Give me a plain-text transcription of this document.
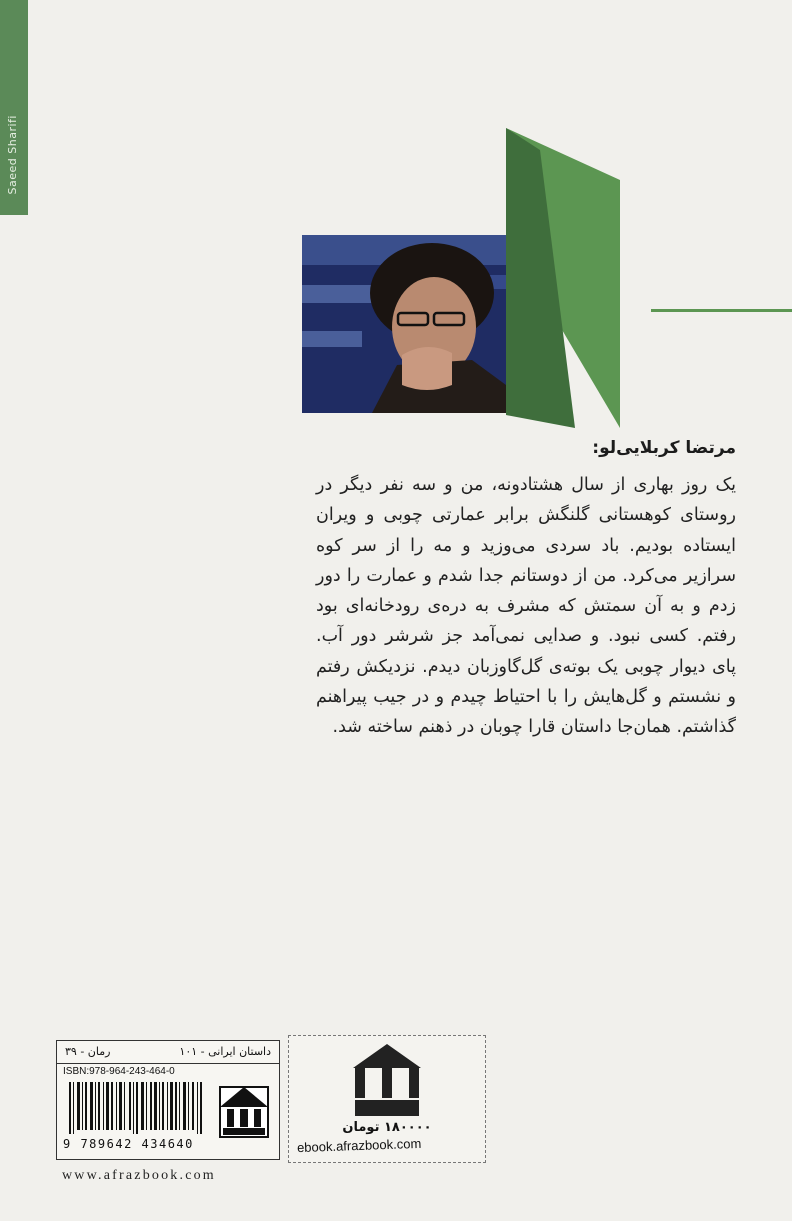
Saeed Sharifi
مرتضا کربلایی‌لو:
یک روز بهاری از سال هشتادونه، من و سه نفر دیگر در روستای کوهستانی گلنگش برابر عمارتی چوبی و ویران ایستاده بودیم. باد سردی می‌وزید و مه را از سر کوه سرازیر می‌کرد. من از دوستانم جدا شدم و عمارت را دور زدم و به آن سمتش که مشرف به دره‌ی رودخانه‌ای بود رفتم. کسی نبود. و صدایی نمی‌آمد جز شرشر دور آب. پای دیوار چوبی یک بوته‌ی گل‌گاوزبان دیدم. نزدیکش رفتم و نشستم و گل‌هایش را با احتیاط چیدم و در جیب پیراهنم گذاشتم. همان‌جا داستان قارا چوبان در ذهنم ساخته شد.
داستان ایرانی - ۱۰۱
رمان - ۳۹
ISBN:978-964-243-464-0
9 789642 434640
۱۸۰۰۰۰ تومان
ebook.afrazbook.com
www.afrazbook.com
